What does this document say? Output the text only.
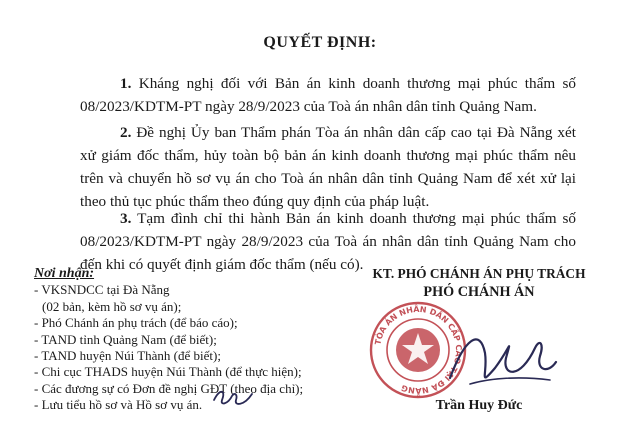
QUYẾT ĐỊNH:

1. Kháng nghị đối với Bản án kinh doanh thương mại phúc thẩm số 08/2023/KDTM-PT ngày 28/9/2023 của Toà án nhân dân tỉnh Quảng Nam.

2. Đề nghị Ủy ban Thẩm phán Tòa án nhân dân cấp cao tại Đà Nẵng xét xử giám đốc thẩm, hủy toàn bộ bản án kinh doanh thương mại phúc thẩm nêu trên và chuyển hồ sơ vụ án cho Toà án nhân dân tỉnh Quảng Nam để xét xử lại theo thủ tục phúc thẩm theo đúng quy định của pháp luật.

3. Tạm đình chỉ thi hành Bản án kinh doanh thương mại phúc thẩm số 08/2023/KDTM-PT ngày 28/9/2023 của Toà án nhân dân tỉnh Quảng Nam cho đến khi có quyết định giám đốc thẩm (nếu có).

Nơi nhận:
- VKSNDCC tại Đà Nẵng
(02 bản, kèm hồ sơ vụ án);
- Phó Chánh án phụ trách (để báo cáo);
- TAND tỉnh Quảng Nam (để biết);
- TAND huyện Núi Thành (để biết);
- Chi cục THADS huyện Núi Thành (để thực hiện);
- Các đương sự có Đơn đề nghị GĐT (theo địa chỉ);
- Lưu tiểu hồ sơ và Hồ sơ vụ án.
KT. PHÓ CHÁNH ÁN PHỤ TRÁCH
PHÓ CHÁNH ÁN
TÒA ÁN NHÂN DÂN CẤP CAO TẠI ĐÀ NẴNG
Trần Huy Đức
